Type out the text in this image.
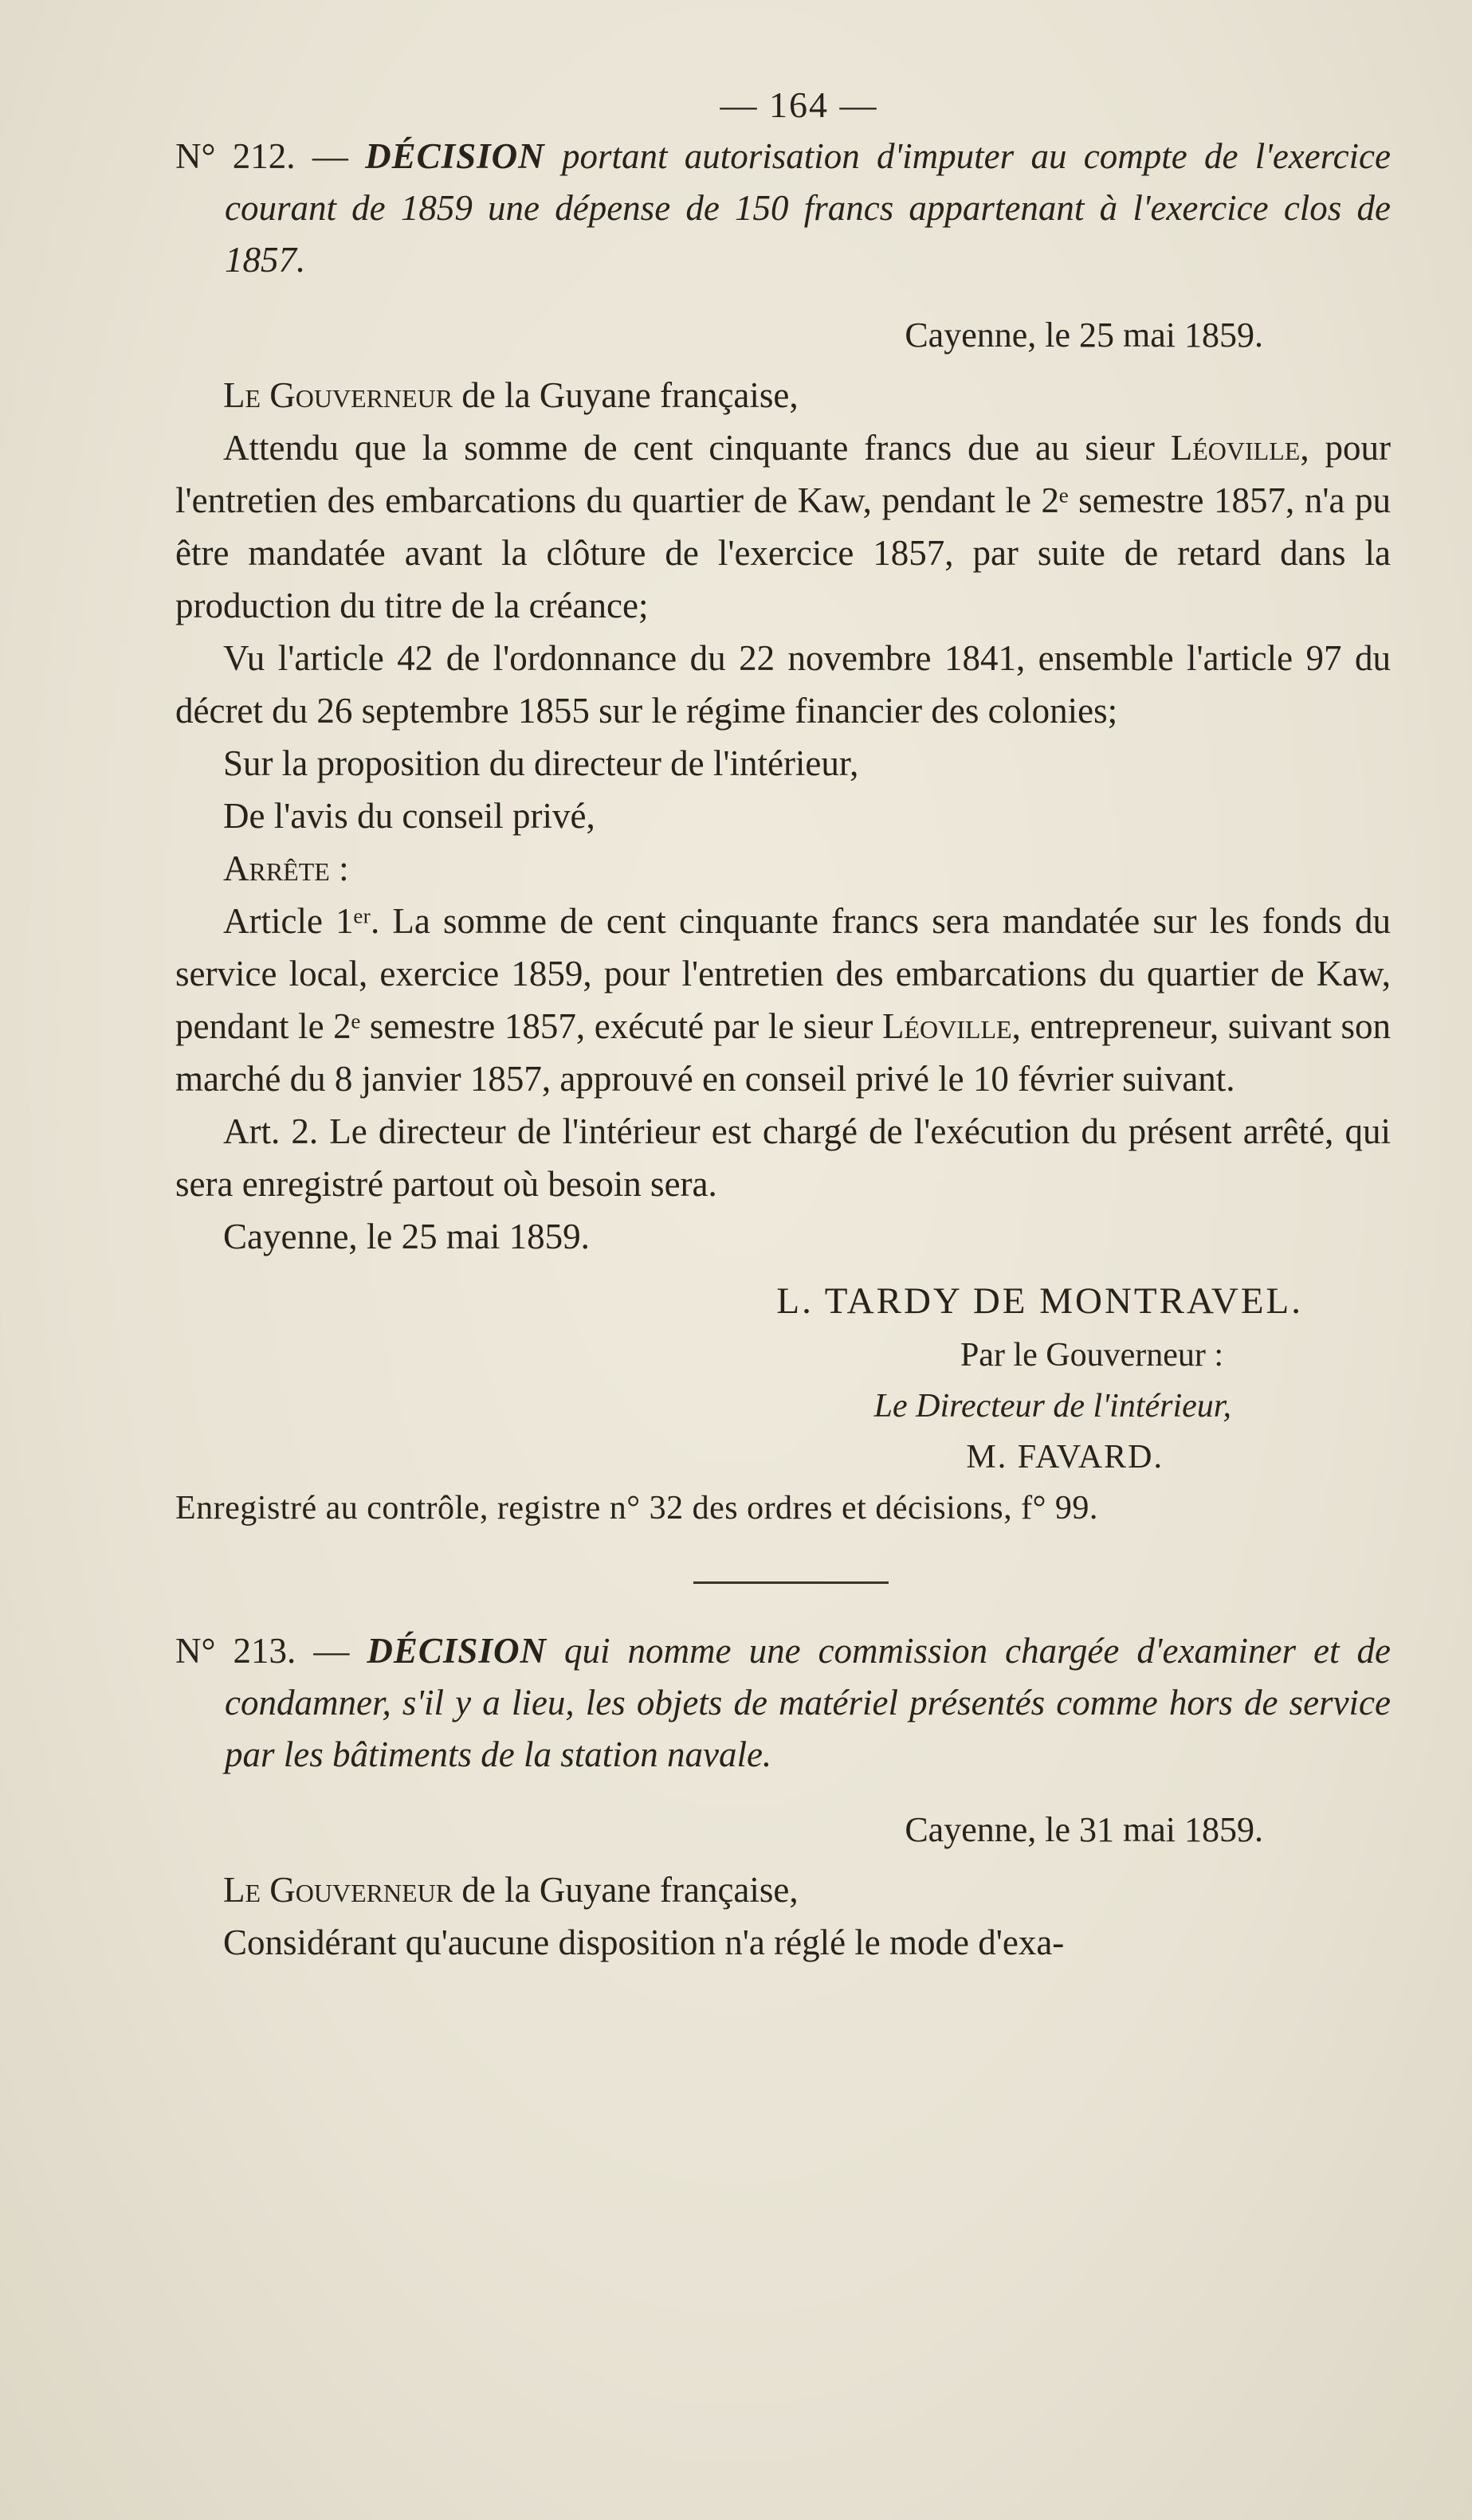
— 164 —

N° 212. — DÉCISION portant autorisation d'imputer au compte de l'exercice courant de 1859 une dépense de 150 francs appartenant à l'exercice clos de 1857.

Cayenne, le 25 mai 1859.

Le Gouverneur de la Guyane française,

Attendu que la somme de cent cinquante francs due au sieur Léoville, pour l'entretien des embarcations du quartier de Kaw, pendant le 2ᵉ semestre 1857, n'a pu être mandatée avant la clôture de l'exercice 1857, par suite de retard dans la production du titre de la créance;

Vu l'article 42 de l'ordonnance du 22 novembre 1841, ensemble l'article 97 du décret du 26 septembre 1855 sur le régime financier des colonies;

Sur la proposition du directeur de l'intérieur,

De l'avis du conseil privé,

Arrête :

Article 1ᵉʳ. La somme de cent cinquante francs sera mandatée sur les fonds du service local, exercice 1859, pour l'entretien des embarcations du quartier de Kaw, pendant le 2ᵉ semestre 1857, exécuté par le sieur Léoville, entrepreneur, suivant son marché du 8 janvier 1857, approuvé en conseil privé le 10 février suivant.

Art. 2. Le directeur de l'intérieur est chargé de l'exécution du présent arrêté, qui sera enregistré partout où besoin sera.

Cayenne, le 25 mai 1859.

L. TARDY DE MONTRAVEL.

Par le Gouverneur :

Le Directeur de l'intérieur,

M. FAVARD.

Enregistré au contrôle, registre n° 32 des ordres et décisions, f° 99.

N° 213. — DÉCISION qui nomme une commission chargée d'examiner et de condamner, s'il y a lieu, les objets de matériel présentés comme hors de service par les bâtiments de la station navale.

Cayenne, le 31 mai 1859.

Le Gouverneur de la Guyane française,

Considérant qu'aucune disposition n'a réglé le mode d'exa-
